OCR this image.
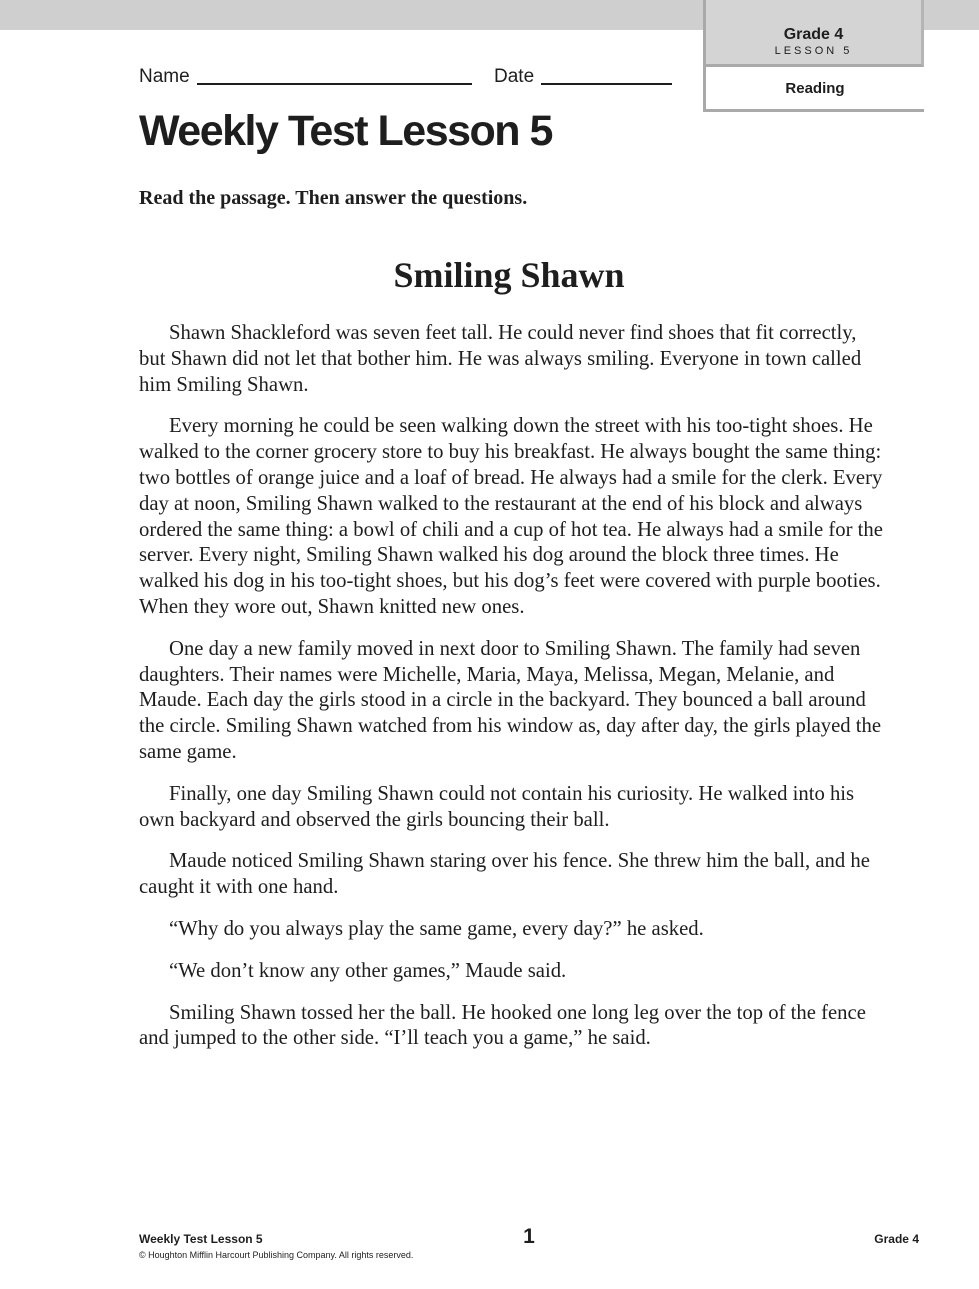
Grade 4
LESSON 5
Reading
Name	Date
Weekly Test Lesson 5

Read the passage. Then answer the questions.

Smiling Shawn

Shawn Shackleford was seven feet tall. He could never find shoes that fit correctly, but Shawn did not let that bother him. He was always smiling. Everyone in town called him Smiling Shawn.

Every morning he could be seen walking down the street with his too-tight shoes. He walked to the corner grocery store to buy his breakfast. He always bought the same thing: two bottles of orange juice and a loaf of bread. He always had a smile for the clerk. Every day at noon, Smiling Shawn walked to the restaurant at the end of his block and always ordered the same thing: a bowl of chili and a cup of hot tea. He always had a smile for the server. Every night, Smiling Shawn walked his dog around the block three times. He walked his dog in his too-tight shoes, but his dog’s feet were covered with purple booties. When they wore out, Shawn knitted new ones.

One day a new family moved in next door to Smiling Shawn. The family had seven daughters. Their names were Michelle, Maria, Maya, Melissa, Megan, Melanie, and Maude. Each day the girls stood in a circle in the backyard. They bounced a ball around the circle. Smiling Shawn watched from his window as, day after day, the girls played the same game.

Finally, one day Smiling Shawn could not contain his curiosity. He walked into his own backyard and observed the girls bouncing their ball.

Maude noticed Smiling Shawn staring over his fence. She threw him the ball, and he caught it with one hand.

“Why do you always play the same game, every day?” he asked.

“We don’t know any other games,” Maude said.

Smiling Shawn tossed her the ball. He hooked one long leg over the top of the fence and jumped to the other side. “I’ll teach you a game,” he said.

Weekly Test Lesson 5
© Houghton Mifflin Harcourt Publishing Company. All rights reserved.
1	Grade 4
